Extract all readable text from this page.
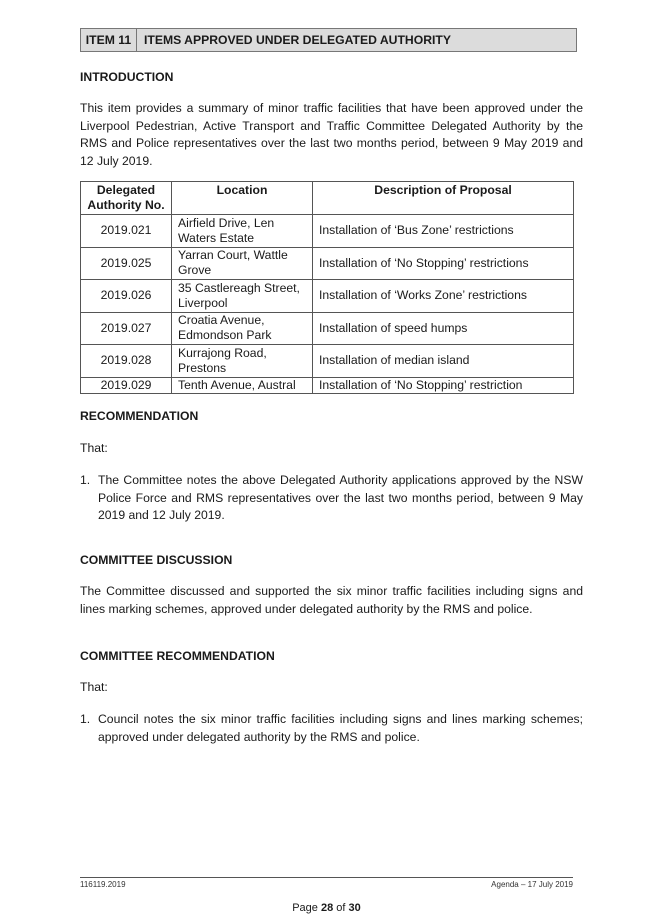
ITEM 11	ITEMS APPROVED UNDER DELEGATED AUTHORITY
INTRODUCTION

This item provides a summary of minor traffic facilities that have been approved under the Liverpool Pedestrian, Active Transport and Traffic Committee Delegated Authority by the RMS and Police representatives over the last two months period, between 9 May 2019 and 12 July 2019.

Delegated Authority No.	Location	Description of Proposal
2019.021	Airfield Drive, Len Waters Estate	Installation of ‘Bus Zone’ restrictions
2019.025	Yarran Court, Wattle Grove	Installation of ‘No Stopping’ restrictions
2019.026	35 Castlereagh Street, Liverpool	Installation of ‘Works Zone’ restrictions
2019.027	Croatia Avenue, Edmondson Park	Installation of speed humps
2019.028	Kurrajong Road, Prestons	Installation of median island
2019.029	Tenth Avenue, Austral	Installation of ‘No Stopping’ restriction
RECOMMENDATION

That:

1. The Committee notes the above Delegated Authority applications approved by the NSW Police Force and RMS representatives over the last two months period, between 9 May 2019 and 12 July 2019.
COMMITTEE DISCUSSION

The Committee discussed and supported the six minor traffic facilities including signs and lines marking schemes, approved under delegated authority by the RMS and police.

COMMITTEE RECOMMENDATION

That:

1. Council notes the six minor traffic facilities including signs and lines marking schemes; approved under delegated authority by the RMS and police.
116119.2019	Agenda – 17 July 2019
Page 28 of 30
